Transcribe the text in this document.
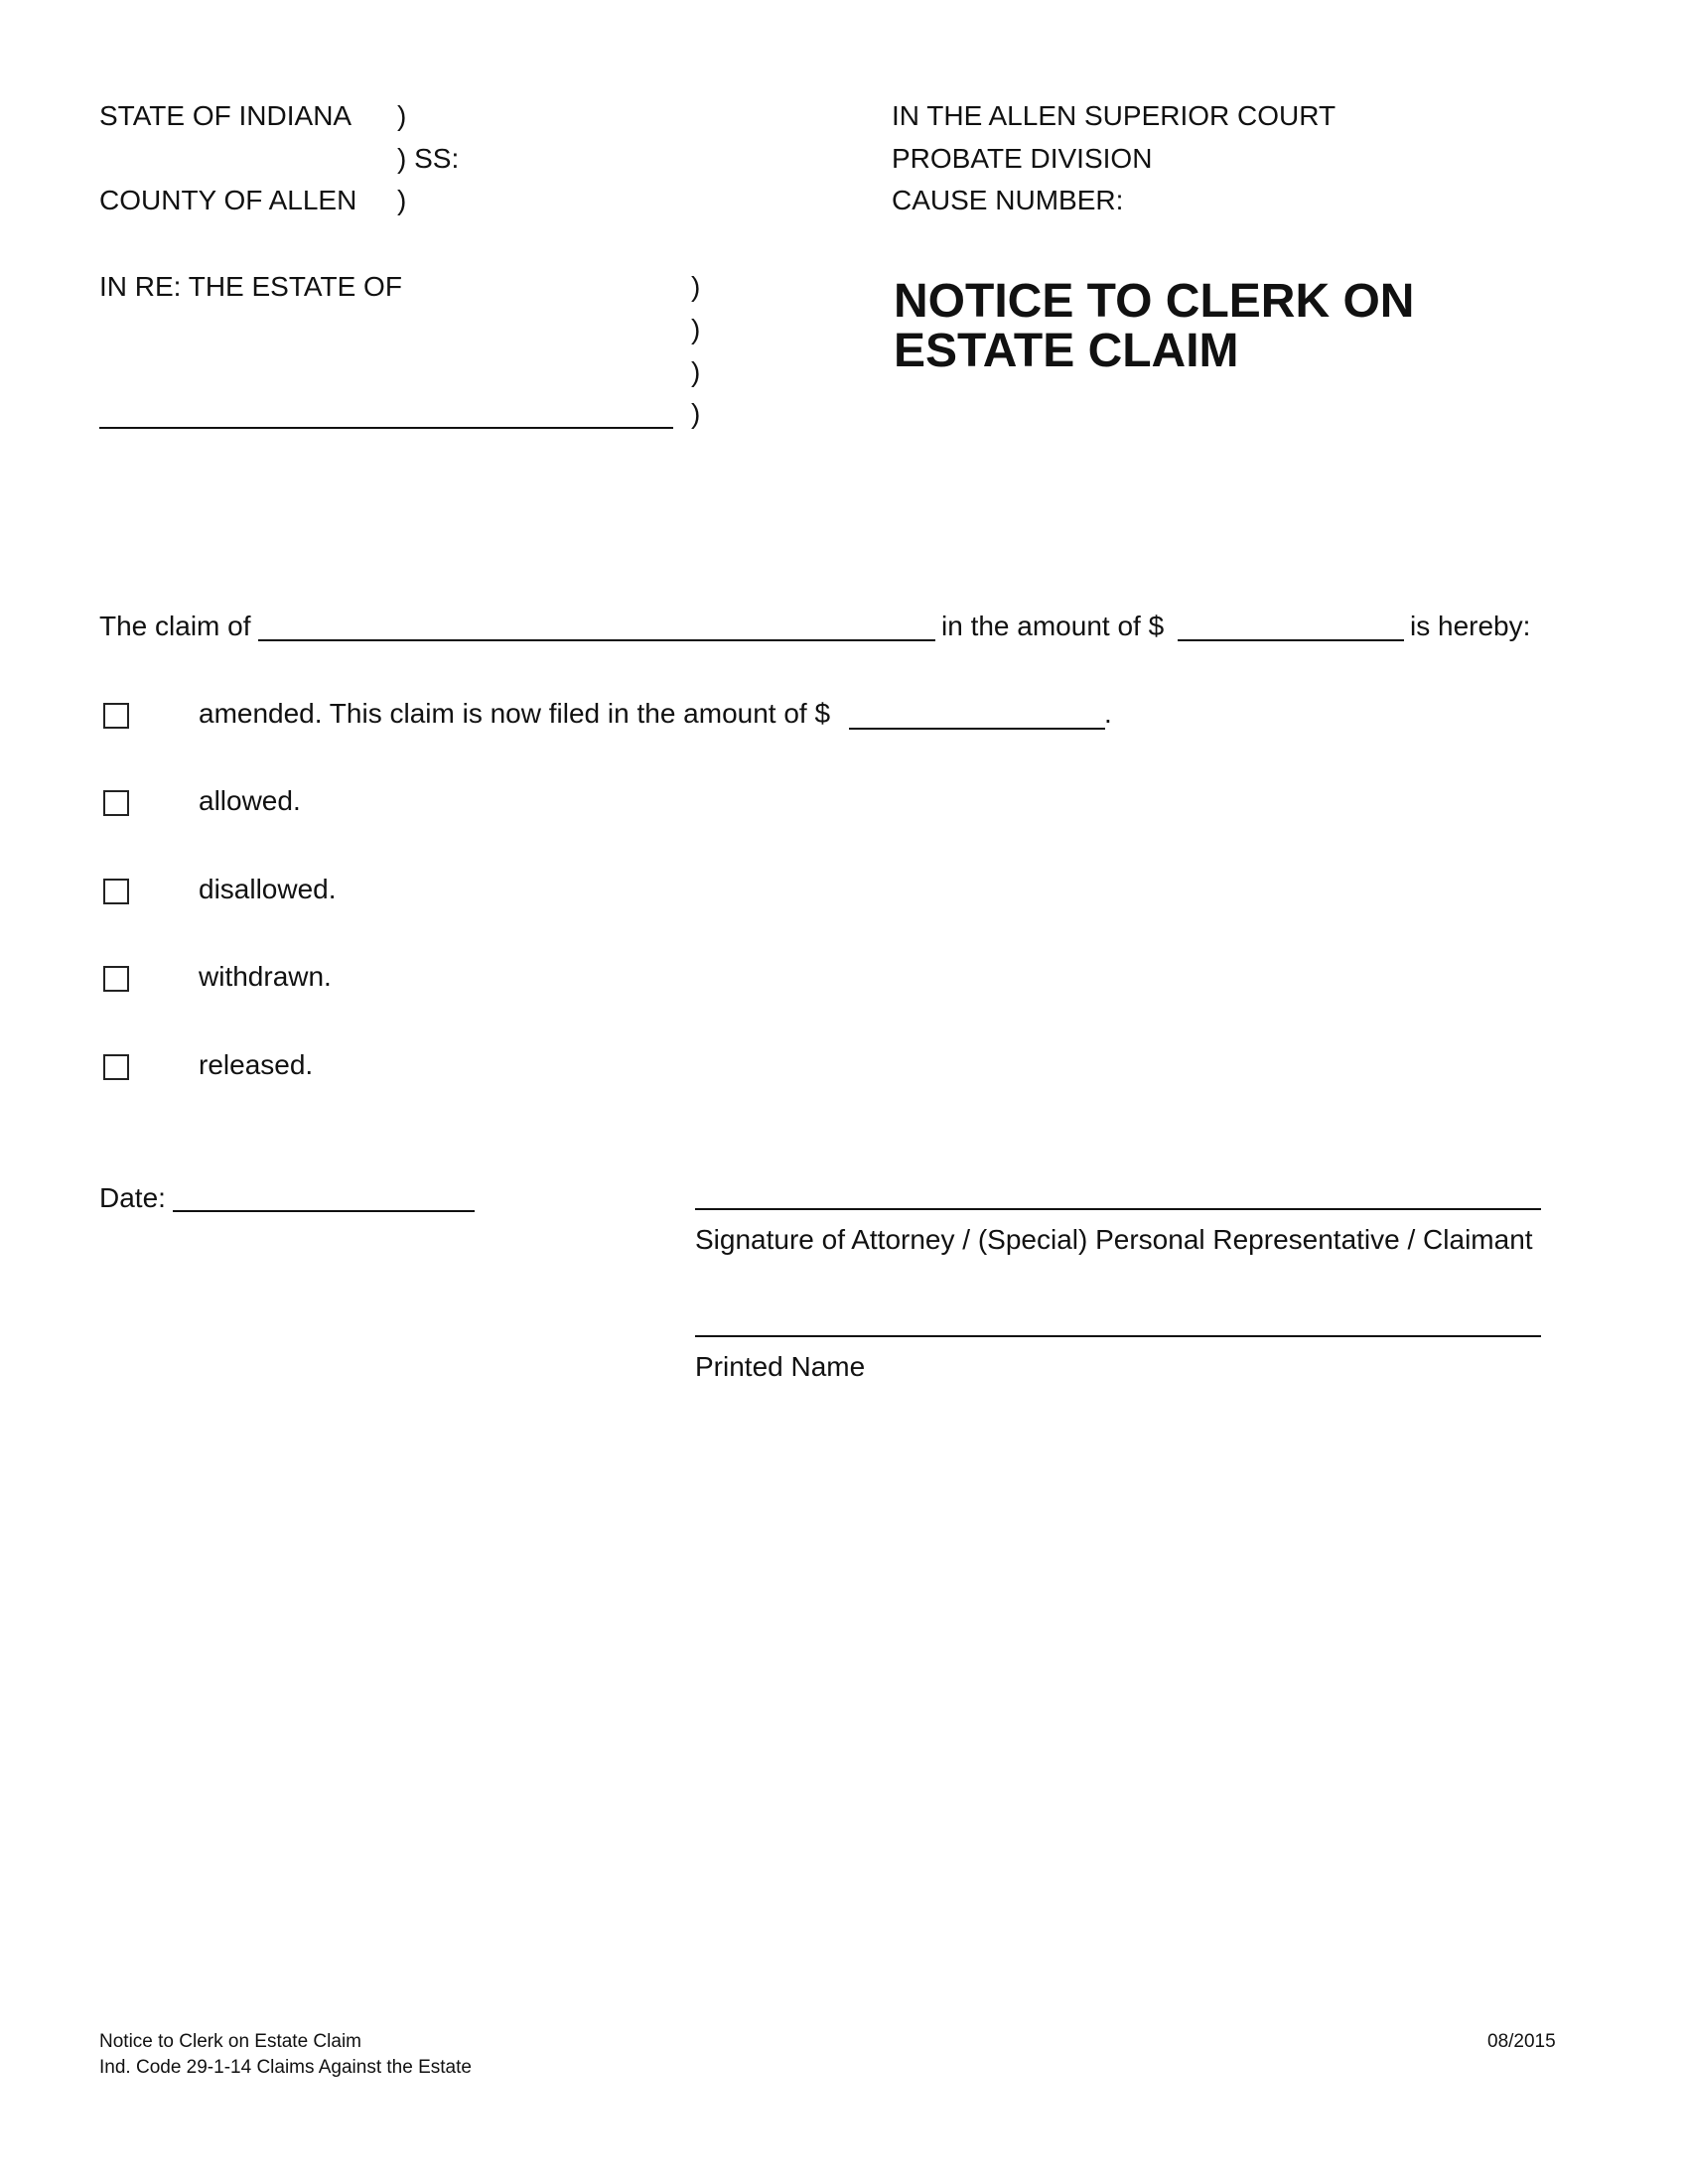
STATE OF INDIANA )
) SS:
COUNTY OF ALLEN )
IN THE ALLEN SUPERIOR COURT
PROBATE DIVISION
CAUSE NUMBER:
IN RE: THE ESTATE OF	)
)
)
)
NOTICE TO CLERK ON
ESTATE CLAIM
The claim of	in the amount of $	is hereby:
amended. This claim is now filed in the amount of $	.
allowed.
disallowed.
withdrawn.
released.
Date:
Signature of Attorney / (Special) Personal Representative / Claimant
Printed Name
Notice to Clerk on Estate Claim
Ind. Code 29-1-14 Claims Against the Estate
08/2015
